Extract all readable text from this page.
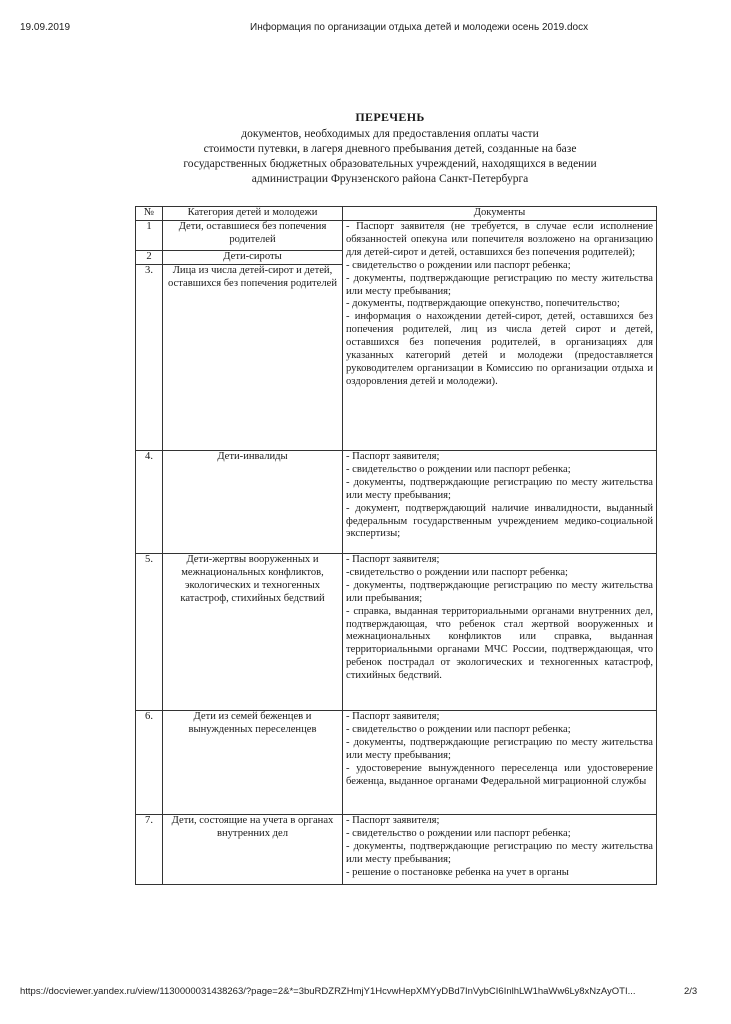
19.09.2019	Информация по организации отдыха детей и молодежи осень 2019.docx
ПЕРЕЧЕНЬ
документов, необходимых для предоставления оплаты части
стоимости путевки, в лагеря дневного пребывания детей, созданные на базе
государственных бюджетных образовательных учреждений, находящихся в ведении
администрации Фрунзенского района Санкт-Петербурга
№	Категория детей и молодежи	Документы
1	Дети, оставшиеся без попечения родителей	- Паспорт заявителя (не требуется, в случае если исполнение обязанностей опекуна или попечителя возложено на организацию для детей-сирот и детей, оставшихся без попечения родителей);
- свидетельство о рождении или паспорт ребенка;
- документы, подтверждающие регистрацию по месту жительства или месту пребывания;
- документы, подтверждающие опекунство, попечительство;
- информация о нахождении детей-сирот, детей, оставшихся без попечения родителей, лиц из числа детей сирот и детей, оставшихся без попечения родителей, в организациях для указанных категорий детей и молодежи (предоставляется руководителем организации в Комиссию по организации отдыха и оздоровления детей и молодежи).

2	Дети-сироты	
3.	Лица из числа детей-сирот и детей, оставшихся без попечения родителей	
4.	Дети-инвалиды	- Паспорт заявителя;
- свидетельство о рождении или паспорт ребенка;
- документы, подтверждающие регистрацию по месту жительства или месту пребывания;
- документ, подтверждающий наличие инвалидности, выданный федеральным государственным учреждением медико-социальной экспертизы;

5.	Дети-жертвы вооруженных и межнациональных конфликтов, экологических и техногенных катастроф, стихийных бедствий	- Паспорт заявителя;
-свидетельство о рождении или паспорт ребенка;
- документы, подтверждающие регистрацию по месту жительства или пребывания;
- справка, выданная территориальными органами внутренних дел, подтверждающая, что ребенок стал жертвой вооруженных и межнациональных конфликтов или справка, выданная территориальными органами МЧС России, подтверждающая, что ребенок пострадал от экологических и техногенных катастроф, стихийных бедствий.

6.	Дети из семей беженцев и вынужденных переселенцев	- Паспорт заявителя;
- свидетельство о рождении или паспорт ребенка;
- документы, подтверждающие регистрацию по месту жительства или месту пребывания;
- удостоверение вынужденного переселенца или удостоверение беженца, выданное органами Федеральной миграционной службы

7.	Дети, состоящие на учета в органах внутренних дел	- Паспорт заявителя;
- свидетельство о рождении или паспорт ребенка;
- документы, подтверждающие регистрацию по месту жительства или месту пребывания;
- решение о постановке ребенка на учет в органы
https://docviewer.yandex.ru/view/1130000031438263/?page=2&*=3buRDZRZHmjY1HcvwHepXMYyDBd7InVybCI6InlhLW1haWw6Ly8xNzAyOTI...	2/3
